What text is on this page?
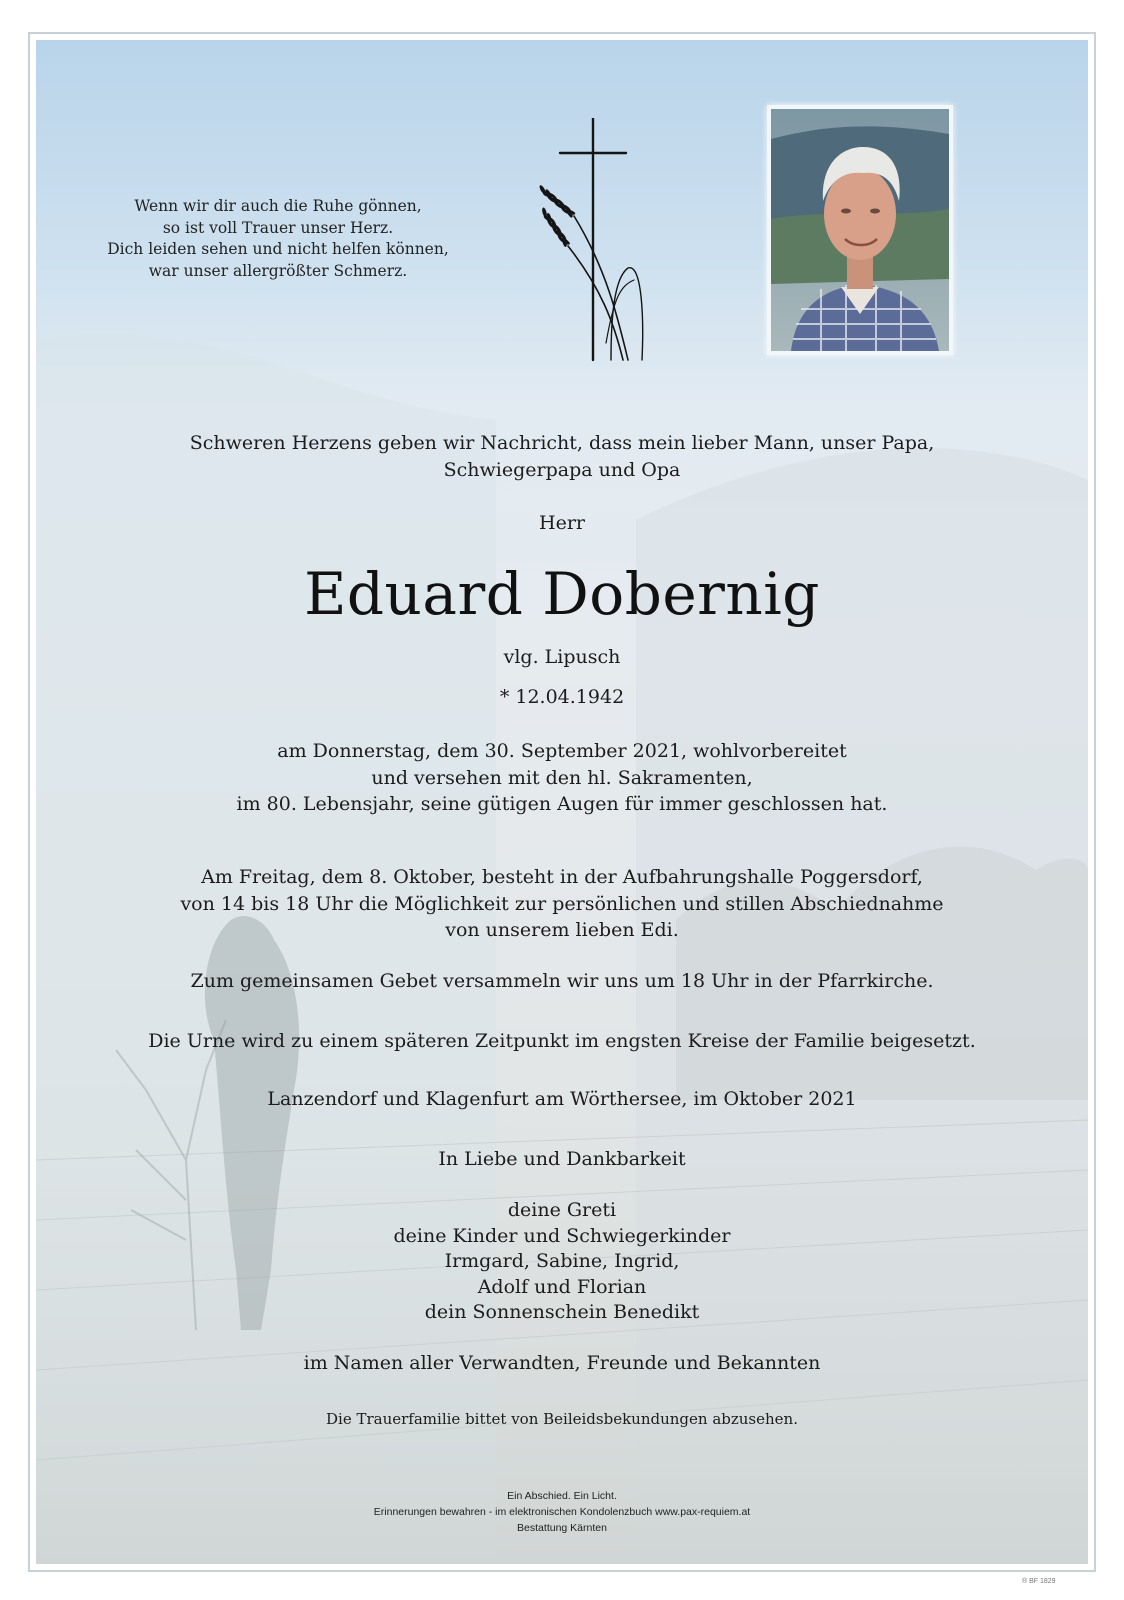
Wenn wir dir auch die Ruhe gönnen,
so ist voll Trauer unser Herz.
Dich leiden sehen und nicht helfen können,
war unser allergrößter Schmerz.
Schweren Herzens geben wir Nachricht, dass mein lieber Mann, unser Papa,
Schwiegerpapa und Opa
Herr
Eduard Dobernig
vlg. Lipusch
* 12.04.1942
am Donnerstag, dem 30. September 2021, wohlvorbereitet
und versehen mit den hl. Sakramenten,
im 80. Lebensjahr, seine gütigen Augen für immer geschlossen hat.
Am Freitag, dem 8. Oktober, besteht in der Aufbahrungshalle Poggersdorf,
von 14 bis 18 Uhr die Möglichkeit zur persönlichen und stillen Abschiednahme
von unserem lieben Edi.
Zum gemeinsamen Gebet versammeln wir uns um 18 Uhr in der Pfarrkirche.
Die Urne wird zu einem späteren Zeitpunkt im engsten Kreise der Familie beigesetzt.
Lanzendorf und Klagenfurt am Wörthersee, im Oktober 2021
In Liebe und Dankbarkeit
deine Greti
deine Kinder und Schwiegerkinder
Irmgard, Sabine, Ingrid,
Adolf und Florian
dein Sonnenschein Benedikt
im Namen aller Verwandten, Freunde und Bekannten
Die Trauerfamilie bittet von Beileidsbekundungen abzusehen.
Ein Abschied. Ein Licht.
Erinnerungen bewahren - im elektronischen Kondolenzbuch www.pax-requiem.at
Bestattung Kärnten
® BF 1829
